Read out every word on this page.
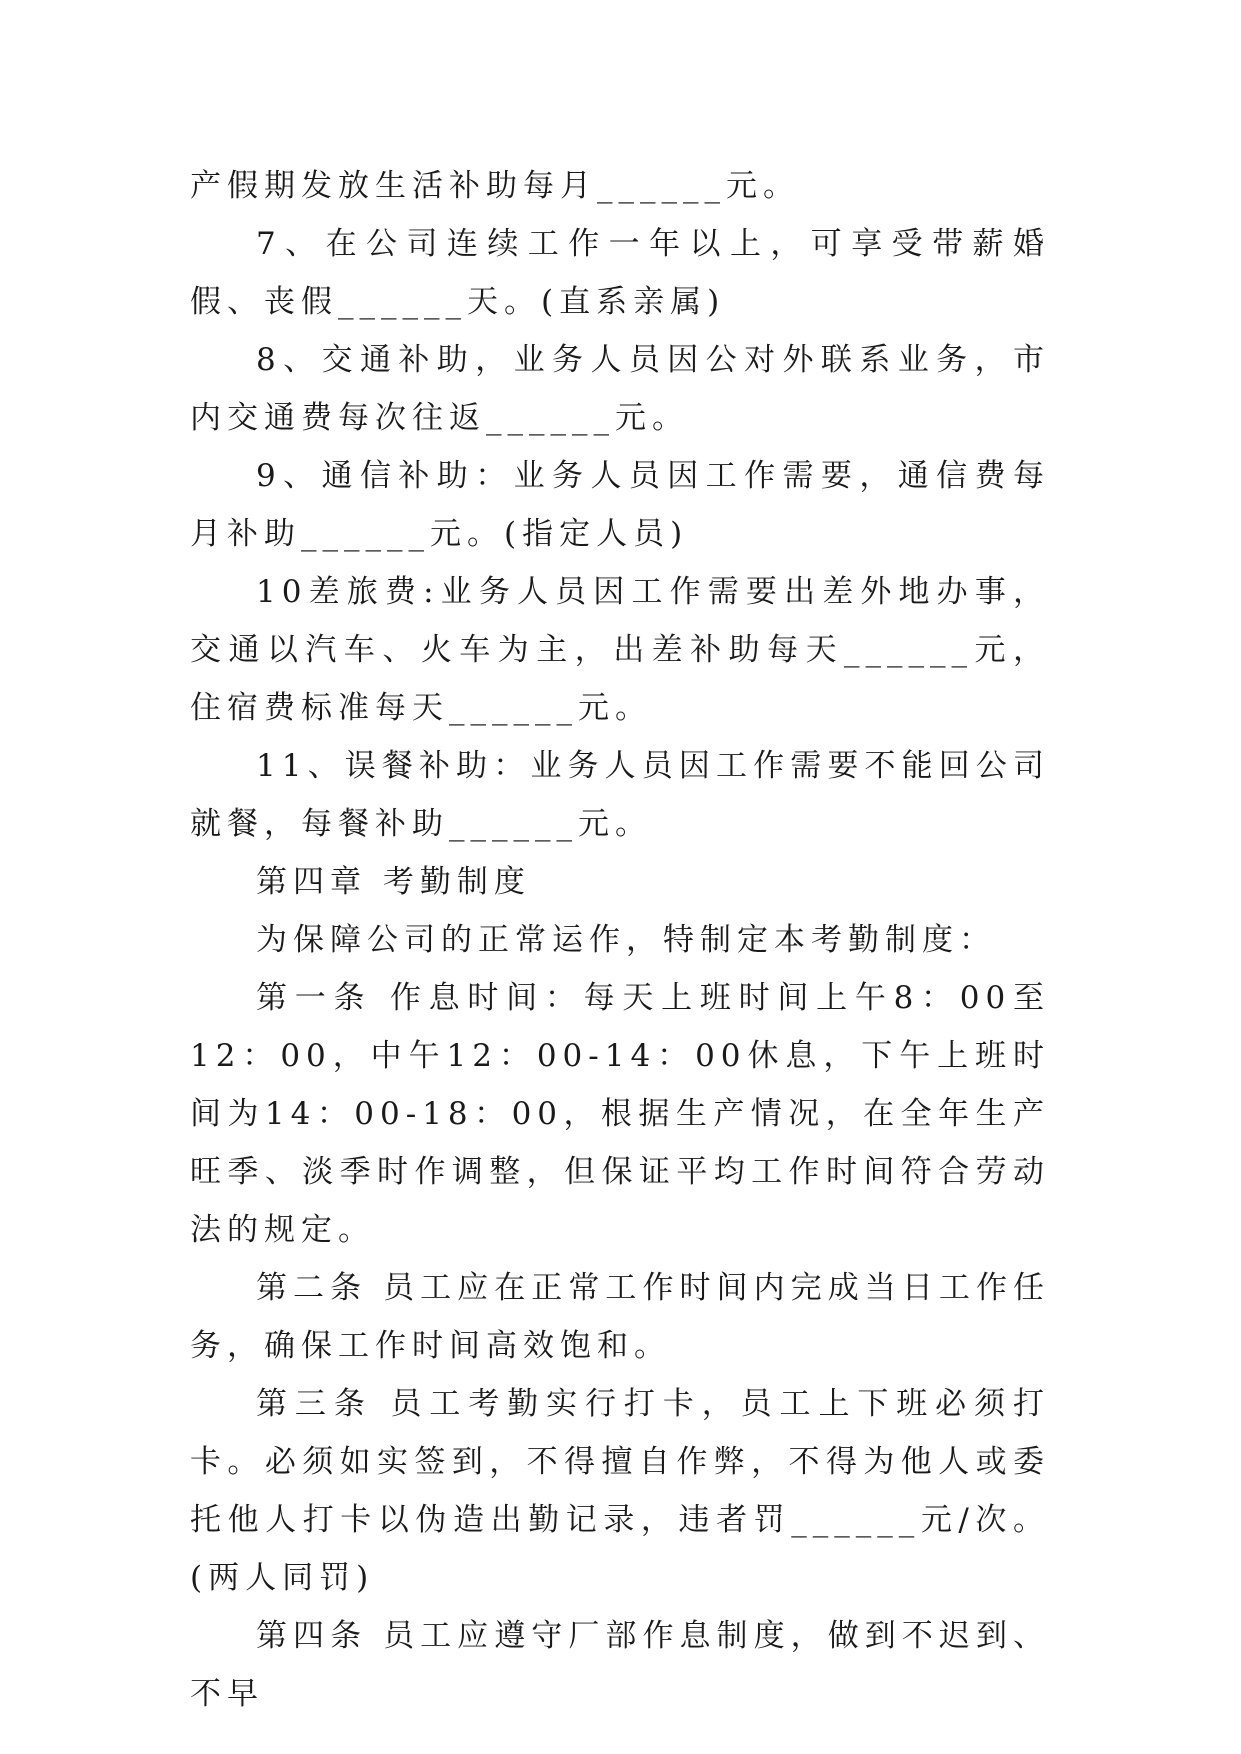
产假期发放生活补助每月______元。

7、在公司连续工作一年以上，可享受带薪婚假、丧假______天。(直系亲属)

8、交通补助，业务人员因公对外联系业务，市内交通费每次往返______元。

9、通信补助：业务人员因工作需要，通信费每月补助______元。(指定人员)

10差旅费:业务人员因工作需要出差外地办事，交通以汽车、火车为主，出差补助每天______元，住宿费标准每天______元。

11、误餐补助：业务人员因工作需要不能回公司就餐，每餐补助______元。

第四章 考勤制度

为保障公司的正常运作，特制定本考勤制度：

第一条 作息时间：每天上班时间上午8：00至12：00，中午12：00-14：00休息，下午上班时间为14：00-18：00，根据生产情况，在全年生产旺季、淡季时作调整，但保证平均工作时间符合劳动法的规定。

第二条 员工应在正常工作时间内完成当日工作任务，确保工作时间高效饱和。

第三条 员工考勤实行打卡，员工上下班必须打卡。必须如实签到，不得擅自作弊，不得为他人或委托他人打卡以伪造出勤记录，违者罚______元/次。(两人同罚)

第四条 员工应遵守厂部作息制度，做到不迟到、不早
